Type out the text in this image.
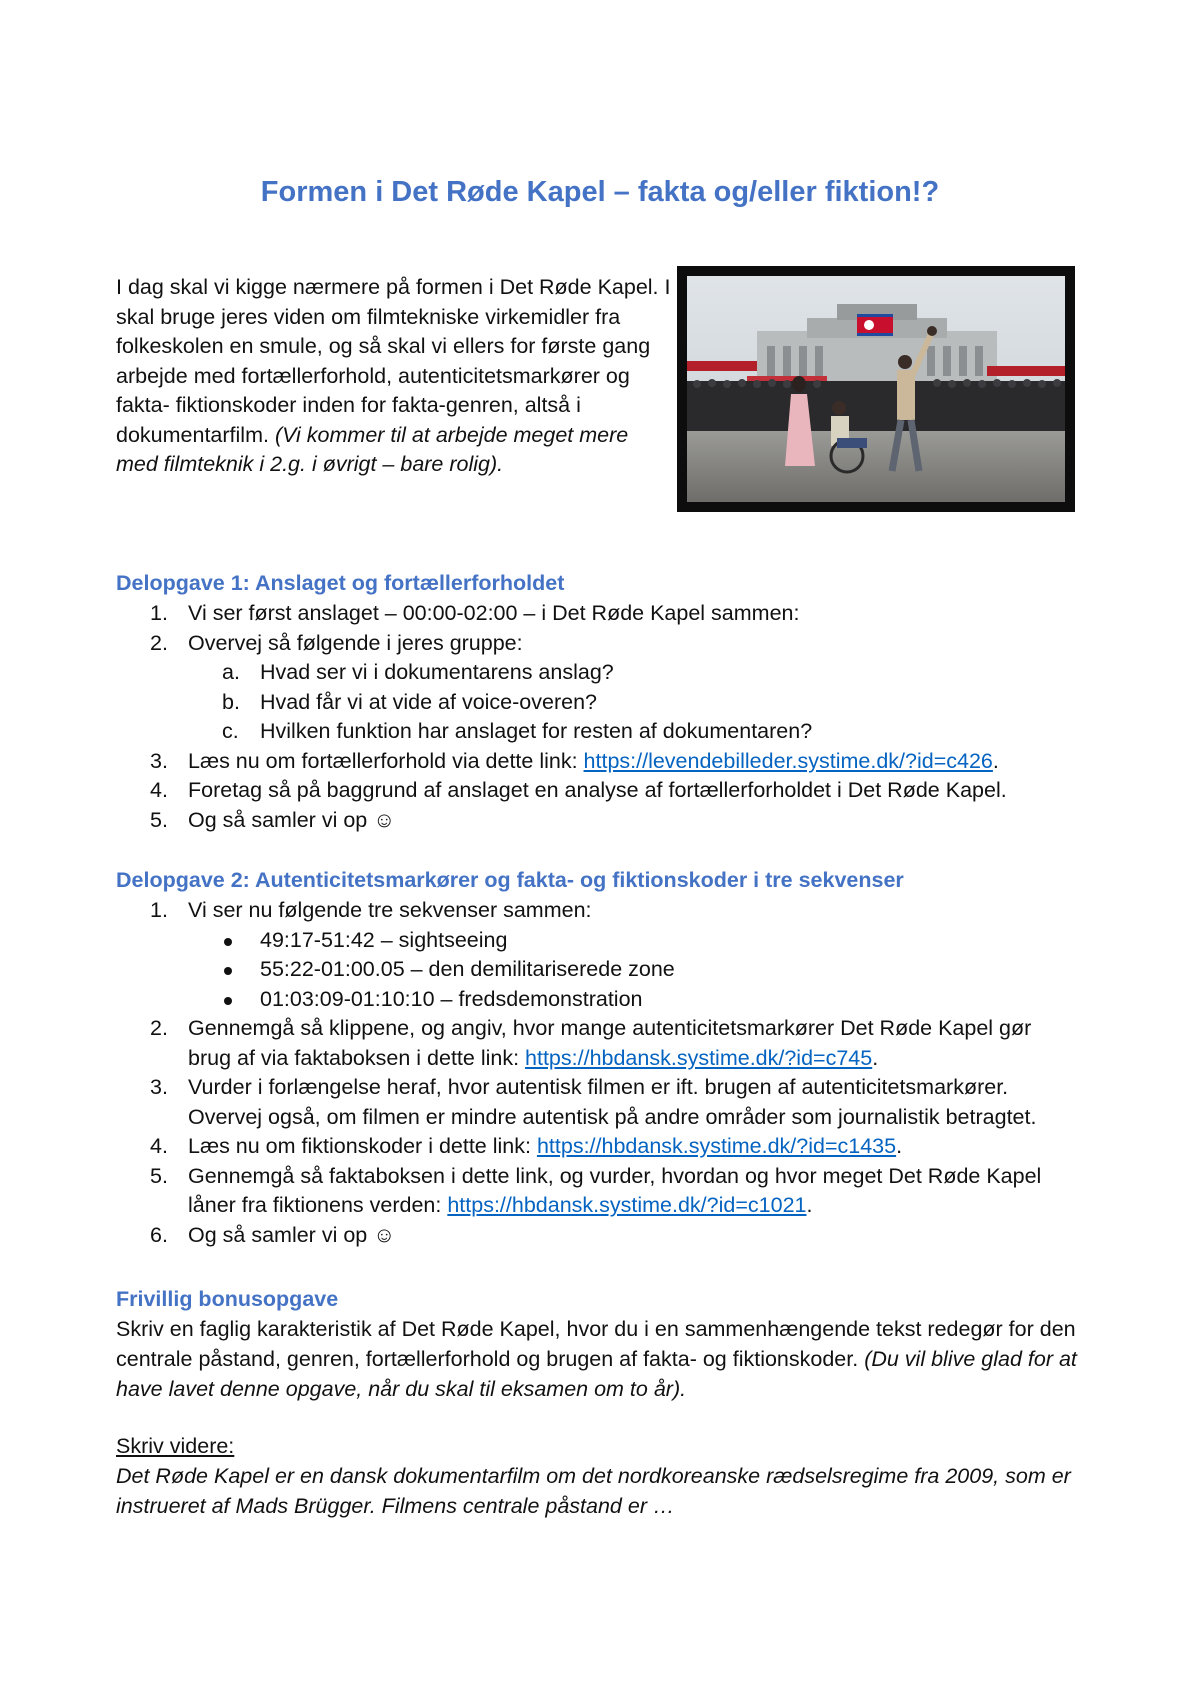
Formen i Det Røde Kapel – fakta og/eller fiktion!?

I dag skal vi kigge nærmere på formen i Det Røde Kapel. I skal bruge jeres viden om filmtekniske virkemidler fra folkeskolen en smule, og så skal vi ellers for første gang arbejde med fortællerforhold, autenticitetsmarkører og fakta- fiktionskoder inden for fakta-genren, altså i dokumentarfilm. (Vi kommer til at arbejde meget mere med filmteknik i 2.g. i øvrigt – bare rolig).

Delopgave 1: Anslaget og fortællerforholdet
1. Vi ser først anslaget – 00:00-02:00 – i Det Røde Kapel sammen:
2. Overvej så følgende i jeres gruppe:
a. Hvad ser vi i dokumentarens anslag?
b. Hvad får vi at vide af voice-overen?
c. Hvilken funktion har anslaget for resten af dokumentaren?
3. Læs nu om fortællerforhold via dette link: https://levendebilleder.systime.dk/?id=c426.
4. Foretag så på baggrund af anslaget en analyse af fortællerforholdet i Det Røde Kapel.
5. Og så samler vi op ☺
Delopgave 2: Autenticitetsmarkører og fakta- og fiktionskoder i tre sekvenser
1. Vi ser nu følgende tre sekvenser sammen:
49:17-51:42 – sightseeing
55:22-01:00.05 – den demilitariserede zone
01:03:09-01:10:10 – fredsdemonstration
2. Gennemgå så klippene, og angiv, hvor mange autenticitetsmarkører Det Røde Kapel gør
brug af via faktaboksen i dette link: https://hbdansk.systime.dk/?id=c745.
3. Vurder i forlængelse heraf, hvor autentisk filmen er ift. brugen af autenticitetsmarkører.
Overvej også, om filmen er mindre autentisk på andre områder som journalistik betragtet.
4. Læs nu om fiktionskoder i dette link: https://hbdansk.systime.dk/?id=c1435.
5. Gennemgå så faktaboksen i dette link, og vurder, hvordan og hvor meget Det Røde Kapel
låner fra fiktionens verden: https://hbdansk.systime.dk/?id=c1021.
6. Og så samler vi op ☺
Frivillig bonusopgave

Skriv en faglig karakteristik af Det Røde Kapel, hvor du i en sammenhængende tekst redegør for den centrale påstand, genren, fortællerforhold og brugen af fakta- og fiktionskoder. (Du vil blive glad for at have lavet denne opgave, når du skal til eksamen om to år).

Skriv videre:

Det Røde Kapel er en dansk dokumentarfilm om det nordkoreanske rædselsregime fra 2009, som er instrueret af Mads Brügger. Filmens centrale påstand er …
